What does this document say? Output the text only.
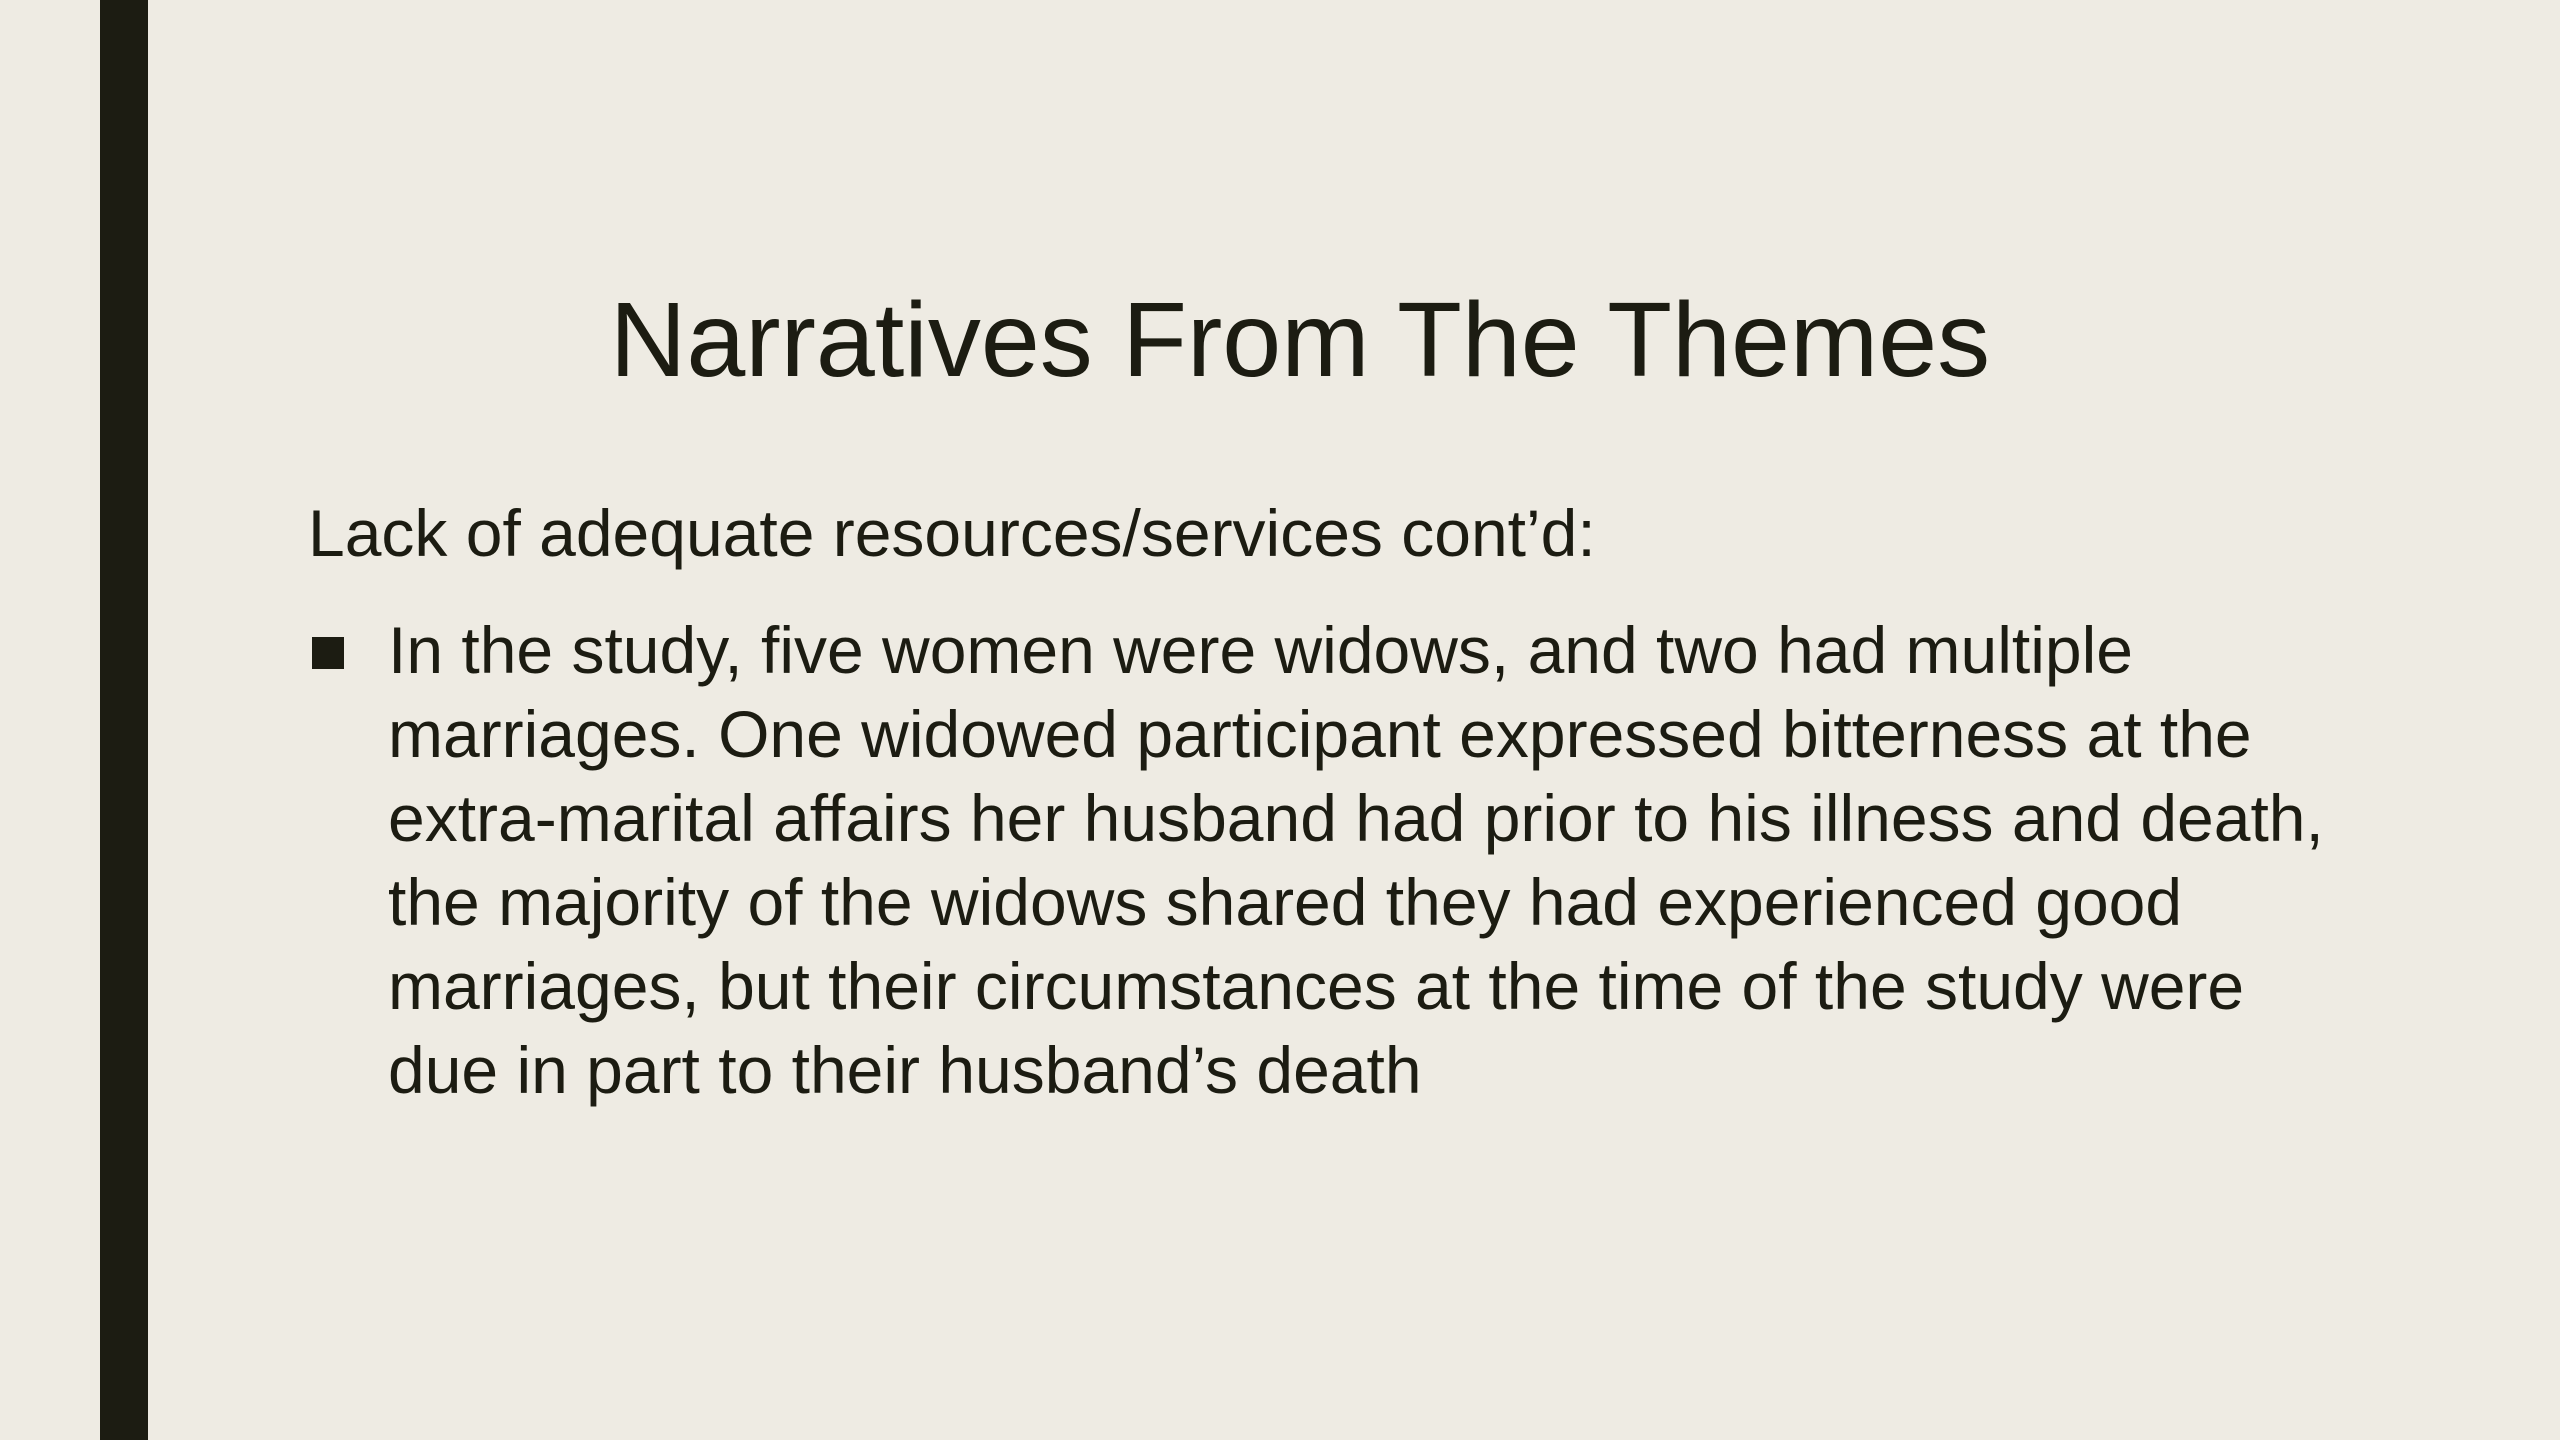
Narratives From The Themes

Lack of adequate resources/services cont’d:

In the study, five women were widows, and two had multiple marriages. One widowed participant expressed bitterness at the extra-marital affairs her husband had prior to his illness and death, the majority of the widows shared they had experienced good marriages, but their circumstances at the time of the study were due in part to their husband’s death
